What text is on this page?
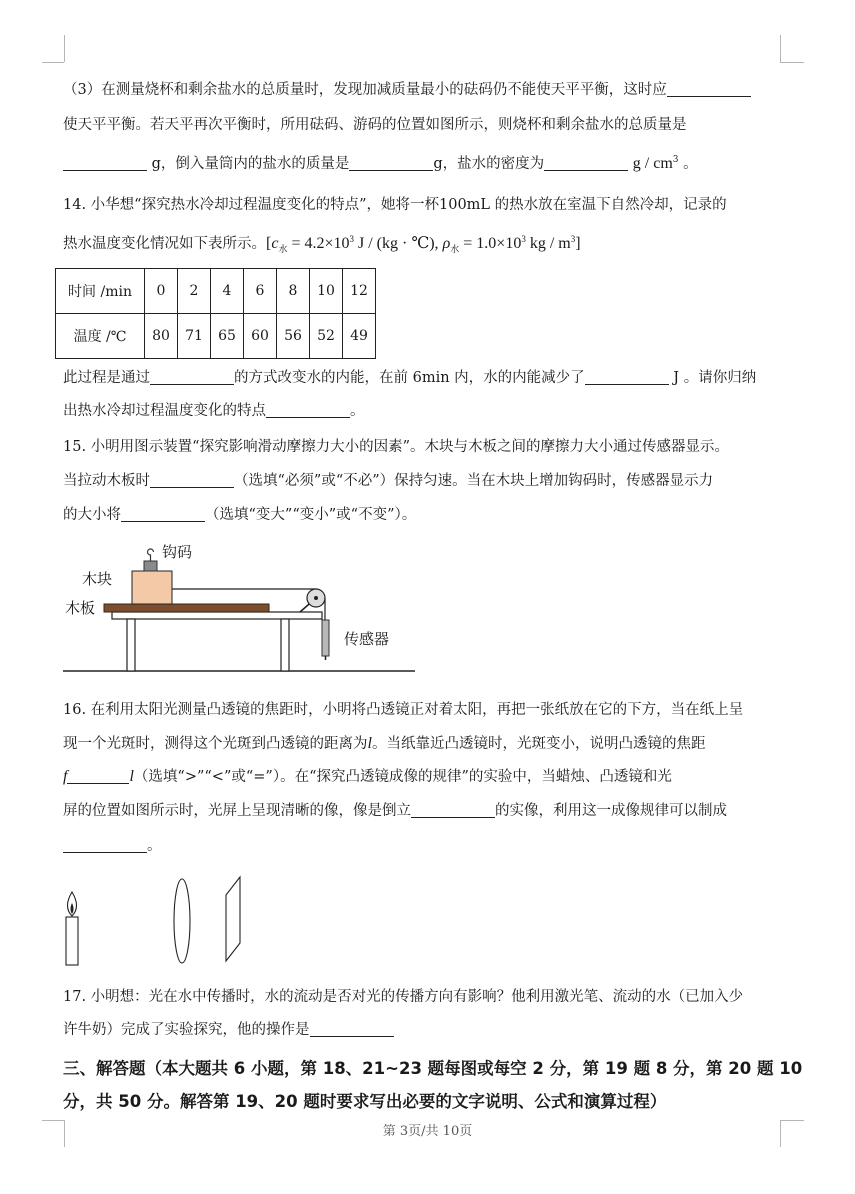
（3）在测量烧杯和剩余盐水的总质量时，发现加减质量最小的砝码仍不能使天平平衡，这时应
使天平平衡。若天平再次平衡时，所用砝码、游码的位置如图所示，则烧杯和剩余盐水的总质量是
g，倒入量筒内的盐水的质量是	g，盐水的密度为	g / $cm^3$ 。
14. 小华想“探究热水冷却过程温度变化的特点”，她将一杯100mL 的热水放在室温下自然冷却，记录的
热水温度变化情况如下表所示。[$c_水 = 4.2\times 10^3$ J / (kg · ℃), $\rho_水 = 1.0\times 10^3$ kg / $m^3$]
时间 /min	0	2	4	6	8	10	12
温度 /℃	80	71	65	60	56	52	49
此过程是通过	的方式改变水的内能，在前 6min 内，水的内能减少了	J 。请你归纳
出热水冷却过程温度变化的特点	。
15. 小明用图示装置“探究影响滑动摩擦力大小的因素”。木块与木板之间的摩擦力大小通过传感器显示。
当拉动木板时	（选填“必须”或“不必”）保持匀速。当在木块上增加钩码时，传感器显示力
的大小将	（选填“变大”“变小”或“不变”）。
钩码
木块
木板
传感器
16. 在利用太阳光测量凸透镜的焦距时，小明将凸透镜正对着太阳，再把一张纸放在它的下方，当在纸上呈
现一个光斑时，测得这个光斑到凸透镜的距离为l。当纸靠近凸透镜时，光斑变小，说明凸透镜的焦距
f	l（选填“>”“<”或“=”）。在“探究凸透镜成像的规律”的实验中，当蜡烛、凸透镜和光
屏的位置如图所示时，光屏上呈现清晰的像，像是倒立	的实像，利用这一成像规律可以制成
。
17. 小明想：光在水中传播时，水的流动是否对光的传播方向有影响？他利用激光笔、流动的水（已加入少
许牛奶）完成了实验探究，他的操作是
三、解答题（本大题共 6 小题，第 18、21~23 题每图或每空 2 分，第 19 题 8 分，第 20 题 10
分，共 50 分。解答第 19、20 题时要求写出必要的文字说明、公式和演算过程）
第 3页/共 10页
